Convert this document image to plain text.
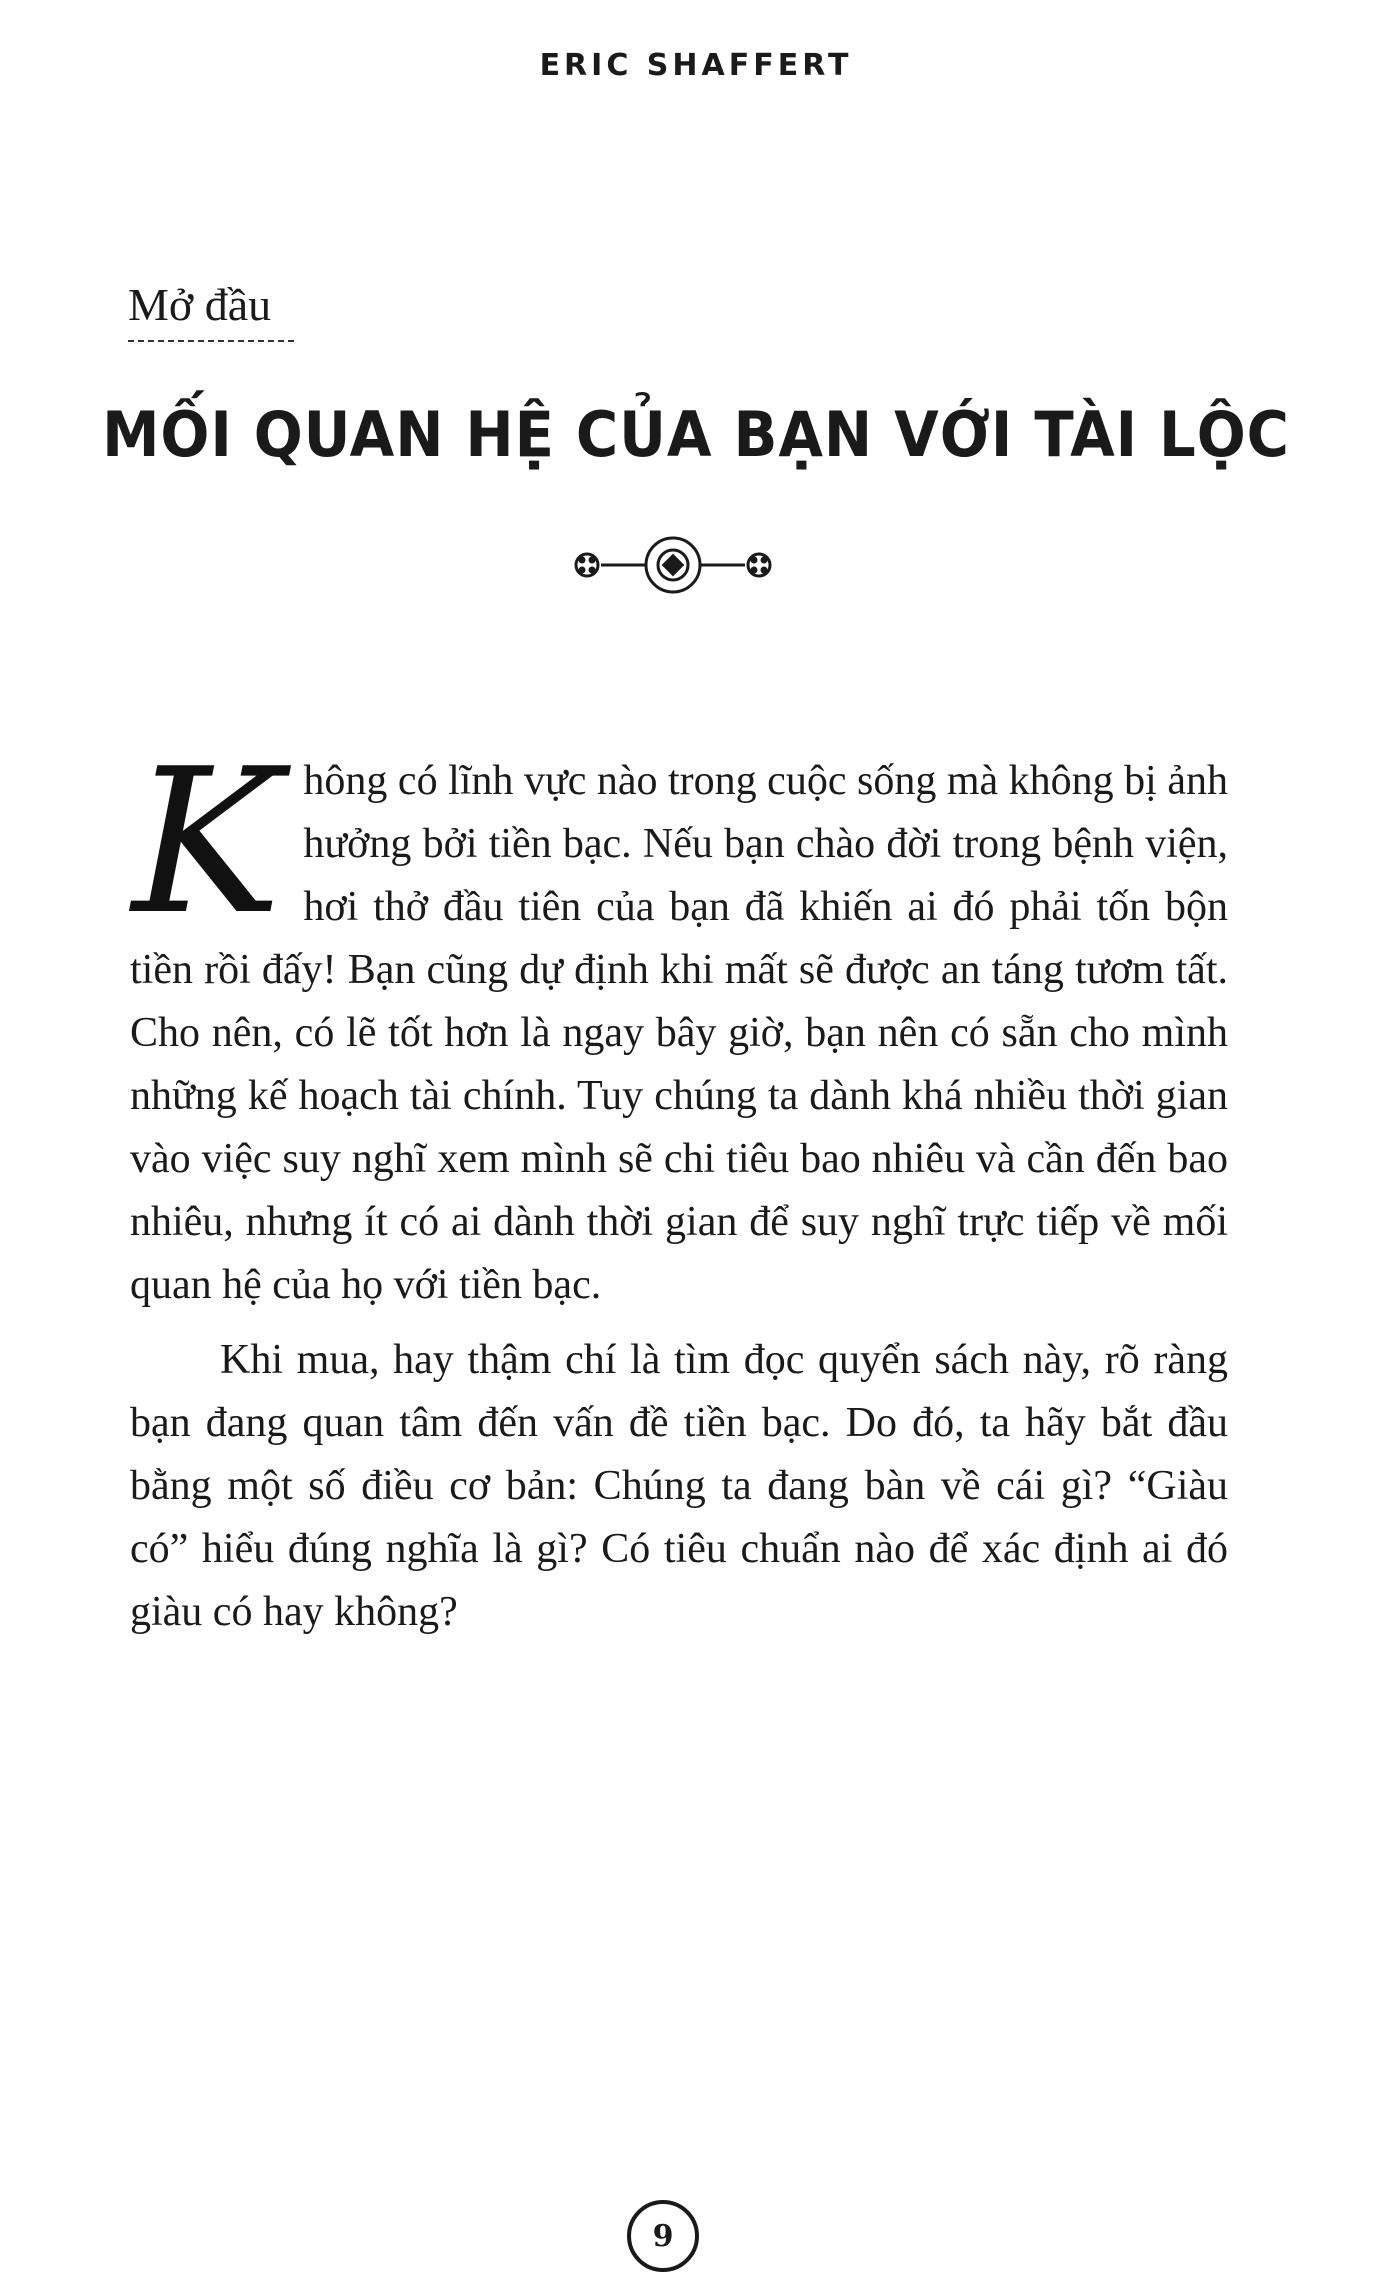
ERIC SHAFFERT
Mở đầu
MỐI QUAN HỆ CỦA BẠN VỚI TÀI LỘC

Không có lĩnh vực nào trong cuộc sống mà không bị ảnh hưởng bởi tiền bạc. Nếu bạn chào đời trong bệnh viện, hơi thở đầu tiên của bạn đã khiến ai đó phải tốn bộn tiền rồi đấy! Bạn cũng dự định khi mất sẽ được an táng tươm tất. Cho nên, có lẽ tốt hơn là ngay bây giờ, bạn nên có sẵn cho mình những kế hoạch tài chính. Tuy chúng ta dành khá nhiều thời gian vào việc suy nghĩ xem mình sẽ chi tiêu bao nhiêu và cần đến bao nhiêu, nhưng ít có ai dành thời gian để suy nghĩ trực tiếp về mối quan hệ của họ với tiền bạc.

Khi mua, hay thậm chí là tìm đọc quyển sách này, rõ ràng bạn đang quan tâm đến vấn đề tiền bạc. Do đó, ta hãy bắt đầu bằng một số điều cơ bản: Chúng ta đang bàn về cái gì? “Giàu có” hiểu đúng nghĩa là gì? Có tiêu chuẩn nào để xác định ai đó giàu có hay không?

9
